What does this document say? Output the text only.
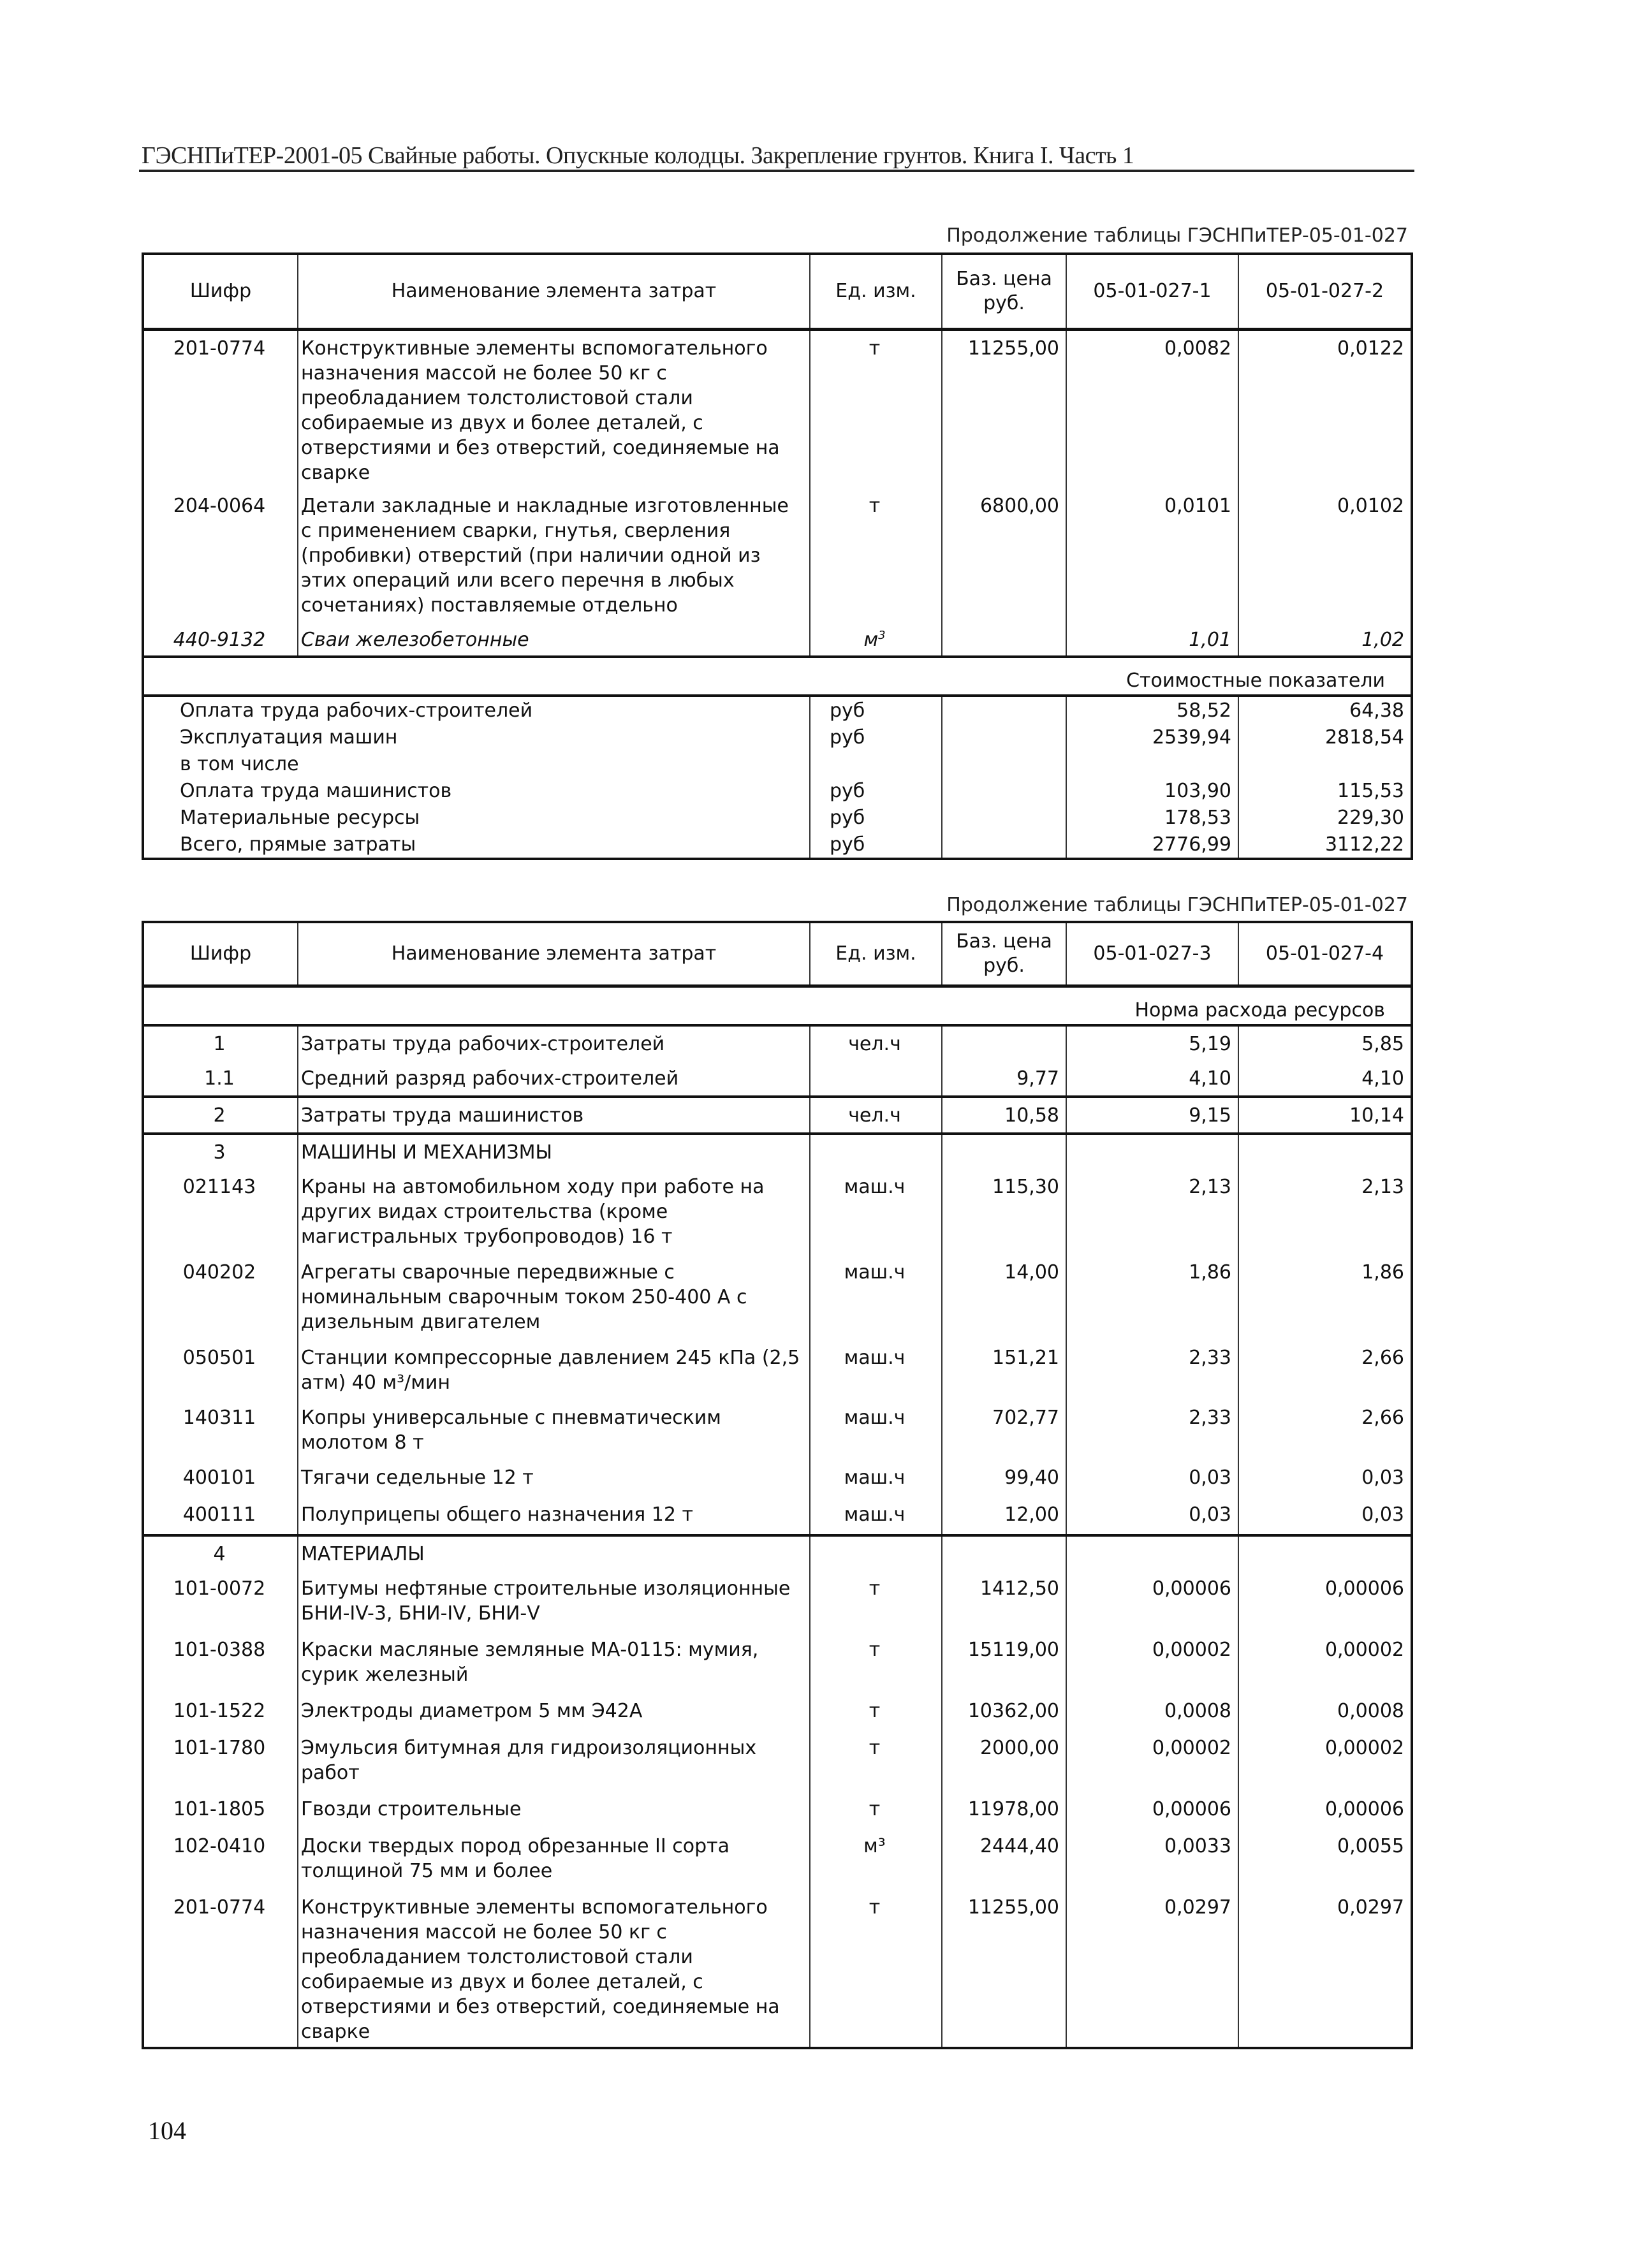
ГЭСНПиТЕР-2001-05 Свайные работы. Опускные колодцы. Закрепление грунтов. Книга I. Часть 1
Продолжение таблицы ГЭСНПиТЕР-05-01-027
Шифр	Наименование элемента затрат	Ед. изм.	Баз. цена руб.	05-01-027-1	05-01-027-2
201-0774	Конструктивные элементы вспомогательного назначения массой не более 50 кг с преобладанием толстолистовой стали собираемые из двух и более деталей, с отверстиями и без отверстий, соединяемые на сварке	т	11255,00	0,0082	0,0122
204-0064	Детали закладные и накладные изготовленные с применением сварки, гнутья, сверления (пробивки) отверстий (при наличии одной из этих операций или всего перечня в любых сочетаниях) поставляемые отдельно	т	6800,00	0,0101	0,0102
440-9132	Сваи железобетонные	$м^3$		1,01	1,02
Стоимостные показатели					
Оплата труда рабочих-строителей		руб		58,52	64,38
Эксплуатация машин		руб		2539,94	2818,54
в том числе					
Оплата труда машинистов		руб		103,90	115,53
Материальные ресурсы		руб		178,53	229,30
Всего, прямые затраты		руб		2776,99	3112,22
Продолжение таблицы ГЭСНПиТЕР-05-01-027
Шифр	Наименование элемента затрат	Ед. изм.	Баз. цена руб.	05-01-027-3	05-01-027-4
Норма расхода ресурсов					
1	Затраты труда рабочих-строителей	чел.ч		5,19	5,85
1.1	Средний разряд рабочих-строителей		9,77	4,10	4,10
2	Затраты труда машинистов	чел.ч	10,58	9,15	10,14
3	МАШИНЫ И МЕХАНИЗМЫ				
021143	Краны на автомобильном ходу при работе на других видах строительства (кроме магистральных трубопроводов) 16 т	маш.ч	115,30	2,13	2,13
040202	Агрегаты сварочные передвижные с номинальным сварочным током 250-400 А с дизельным двигателем	маш.ч	14,00	1,86	1,86
050501	Станции компрессорные давлением 245 кПа (2,5 атм) 40 м³/мин	маш.ч	151,21	2,33	2,66
140311	Копры универсальные с пневматическим молотом 8 т	маш.ч	702,77	2,33	2,66
400101	Тягачи седельные 12 т	маш.ч	99,40	0,03	0,03
400111	Полуприцепы общего назначения 12 т	маш.ч	12,00	0,03	0,03
4	МАТЕРИАЛЫ				
101-0072	Битумы нефтяные строительные изоляционные БНИ-IV-3, БНИ-IV, БНИ-V	т	1412,50	0,00006	0,00006
101-0388	Краски масляные земляные МА-0115: мумия, сурик железный	т	15119,00	0,00002	0,00002
101-1522	Электроды диаметром 5 мм Э42А	т	10362,00	0,0008	0,0008
101-1780	Эмульсия битумная для гидроизоляционных работ	т	2000,00	0,00002	0,00002
101-1805	Гвозди строительные	т	11978,00	0,00006	0,00006
102-0410	Доски твердых пород обрезанные II сорта толщиной 75 мм и более	м³	2444,40	0,0033	0,0055
201-0774	Конструктивные элементы вспомогательного назначения массой не более 50 кг с преобладанием толстолистовой стали собираемые из двух и более деталей, с отверстиями и без отверстий, соединяемые на сварке	т	11255,00	0,0297	0,0297
104
